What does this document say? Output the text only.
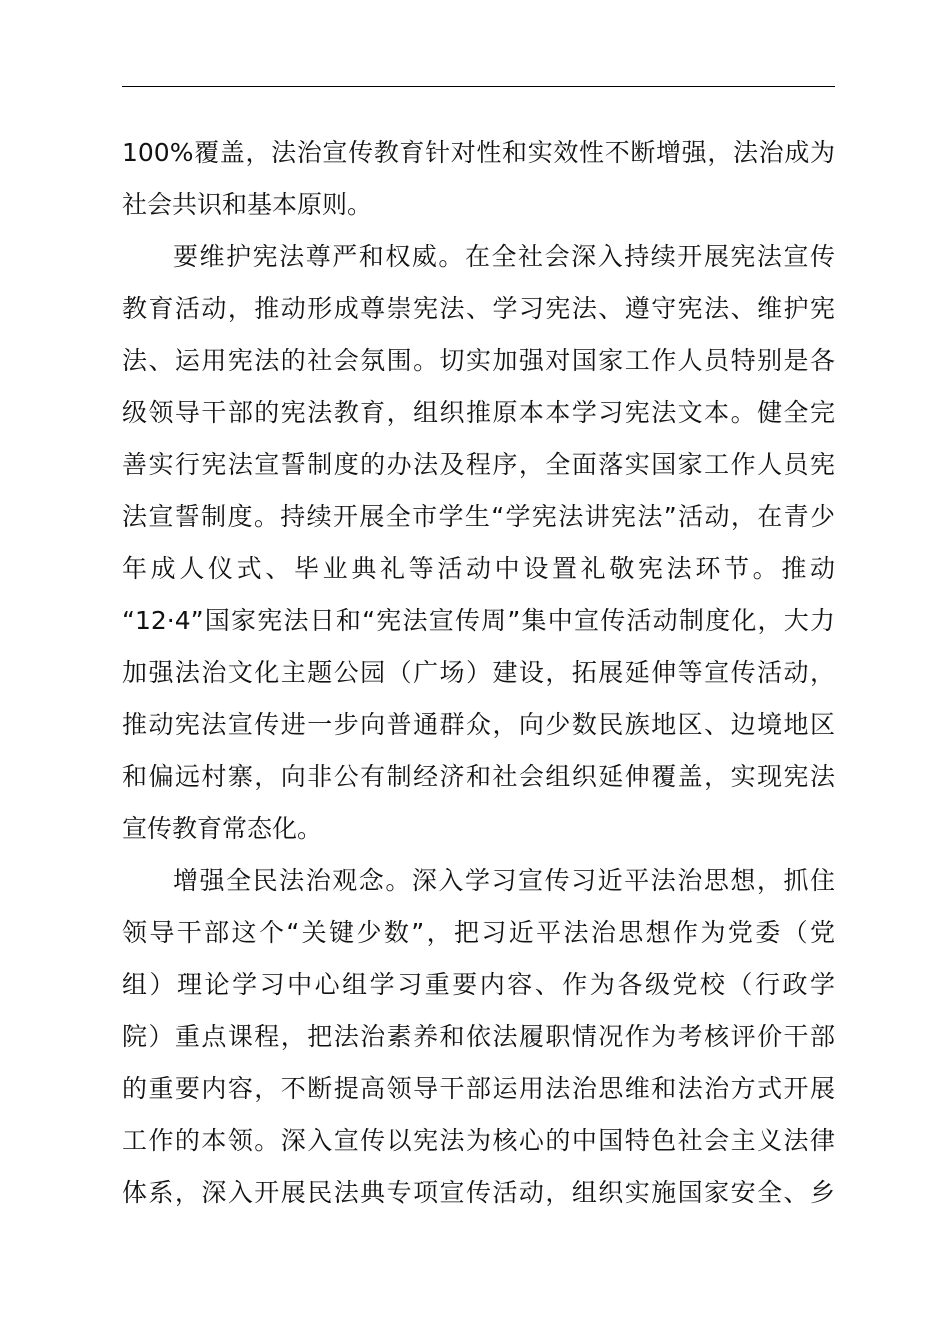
100%覆盖，法治宣传教育针对性和实效性不断增强，法治成为
社会共识和基本原则。
要维护宪法尊严和权威。在全社会深入持续开展宪法宣传
教育活动，推动形成尊崇宪法、学习宪法、遵守宪法、维护宪
法、运用宪法的社会氛围。切实加强对国家工作人员特别是各
级领导干部的宪法教育，组织推原本本学习宪法文本。健全完
善实行宪法宣誓制度的办法及程序，全面落实国家工作人员宪
法宣誓制度。持续开展全市学生“学宪法讲宪法”活动，在青少
年成人仪式、毕业典礼等活动中设置礼敬宪法环节。推动
“12·4”国家宪法日和“宪法宣传周”集中宣传活动制度化，大力
加强法治文化主题公园（广场）建设，拓展延伸等宣传活动，
推动宪法宣传进一步向普通群众，向少数民族地区、边境地区
和偏远村寨，向非公有制经济和社会组织延伸覆盖，实现宪法
宣传教育常态化。
增强全民法治观念。深入学习宣传习近平法治思想，抓住
领导干部这个“关键少数”，把习近平法治思想作为党委（党
组）理论学习中心组学习重要内容、作为各级党校（行政学
院）重点课程，把法治素养和依法履职情况作为考核评价干部
的重要内容，不断提高领导干部运用法治思维和法治方式开展
工作的本领。深入宣传以宪法为核心的中国特色社会主义法律
体系，深入开展民法典专项宣传活动，组织实施国家安全、乡
